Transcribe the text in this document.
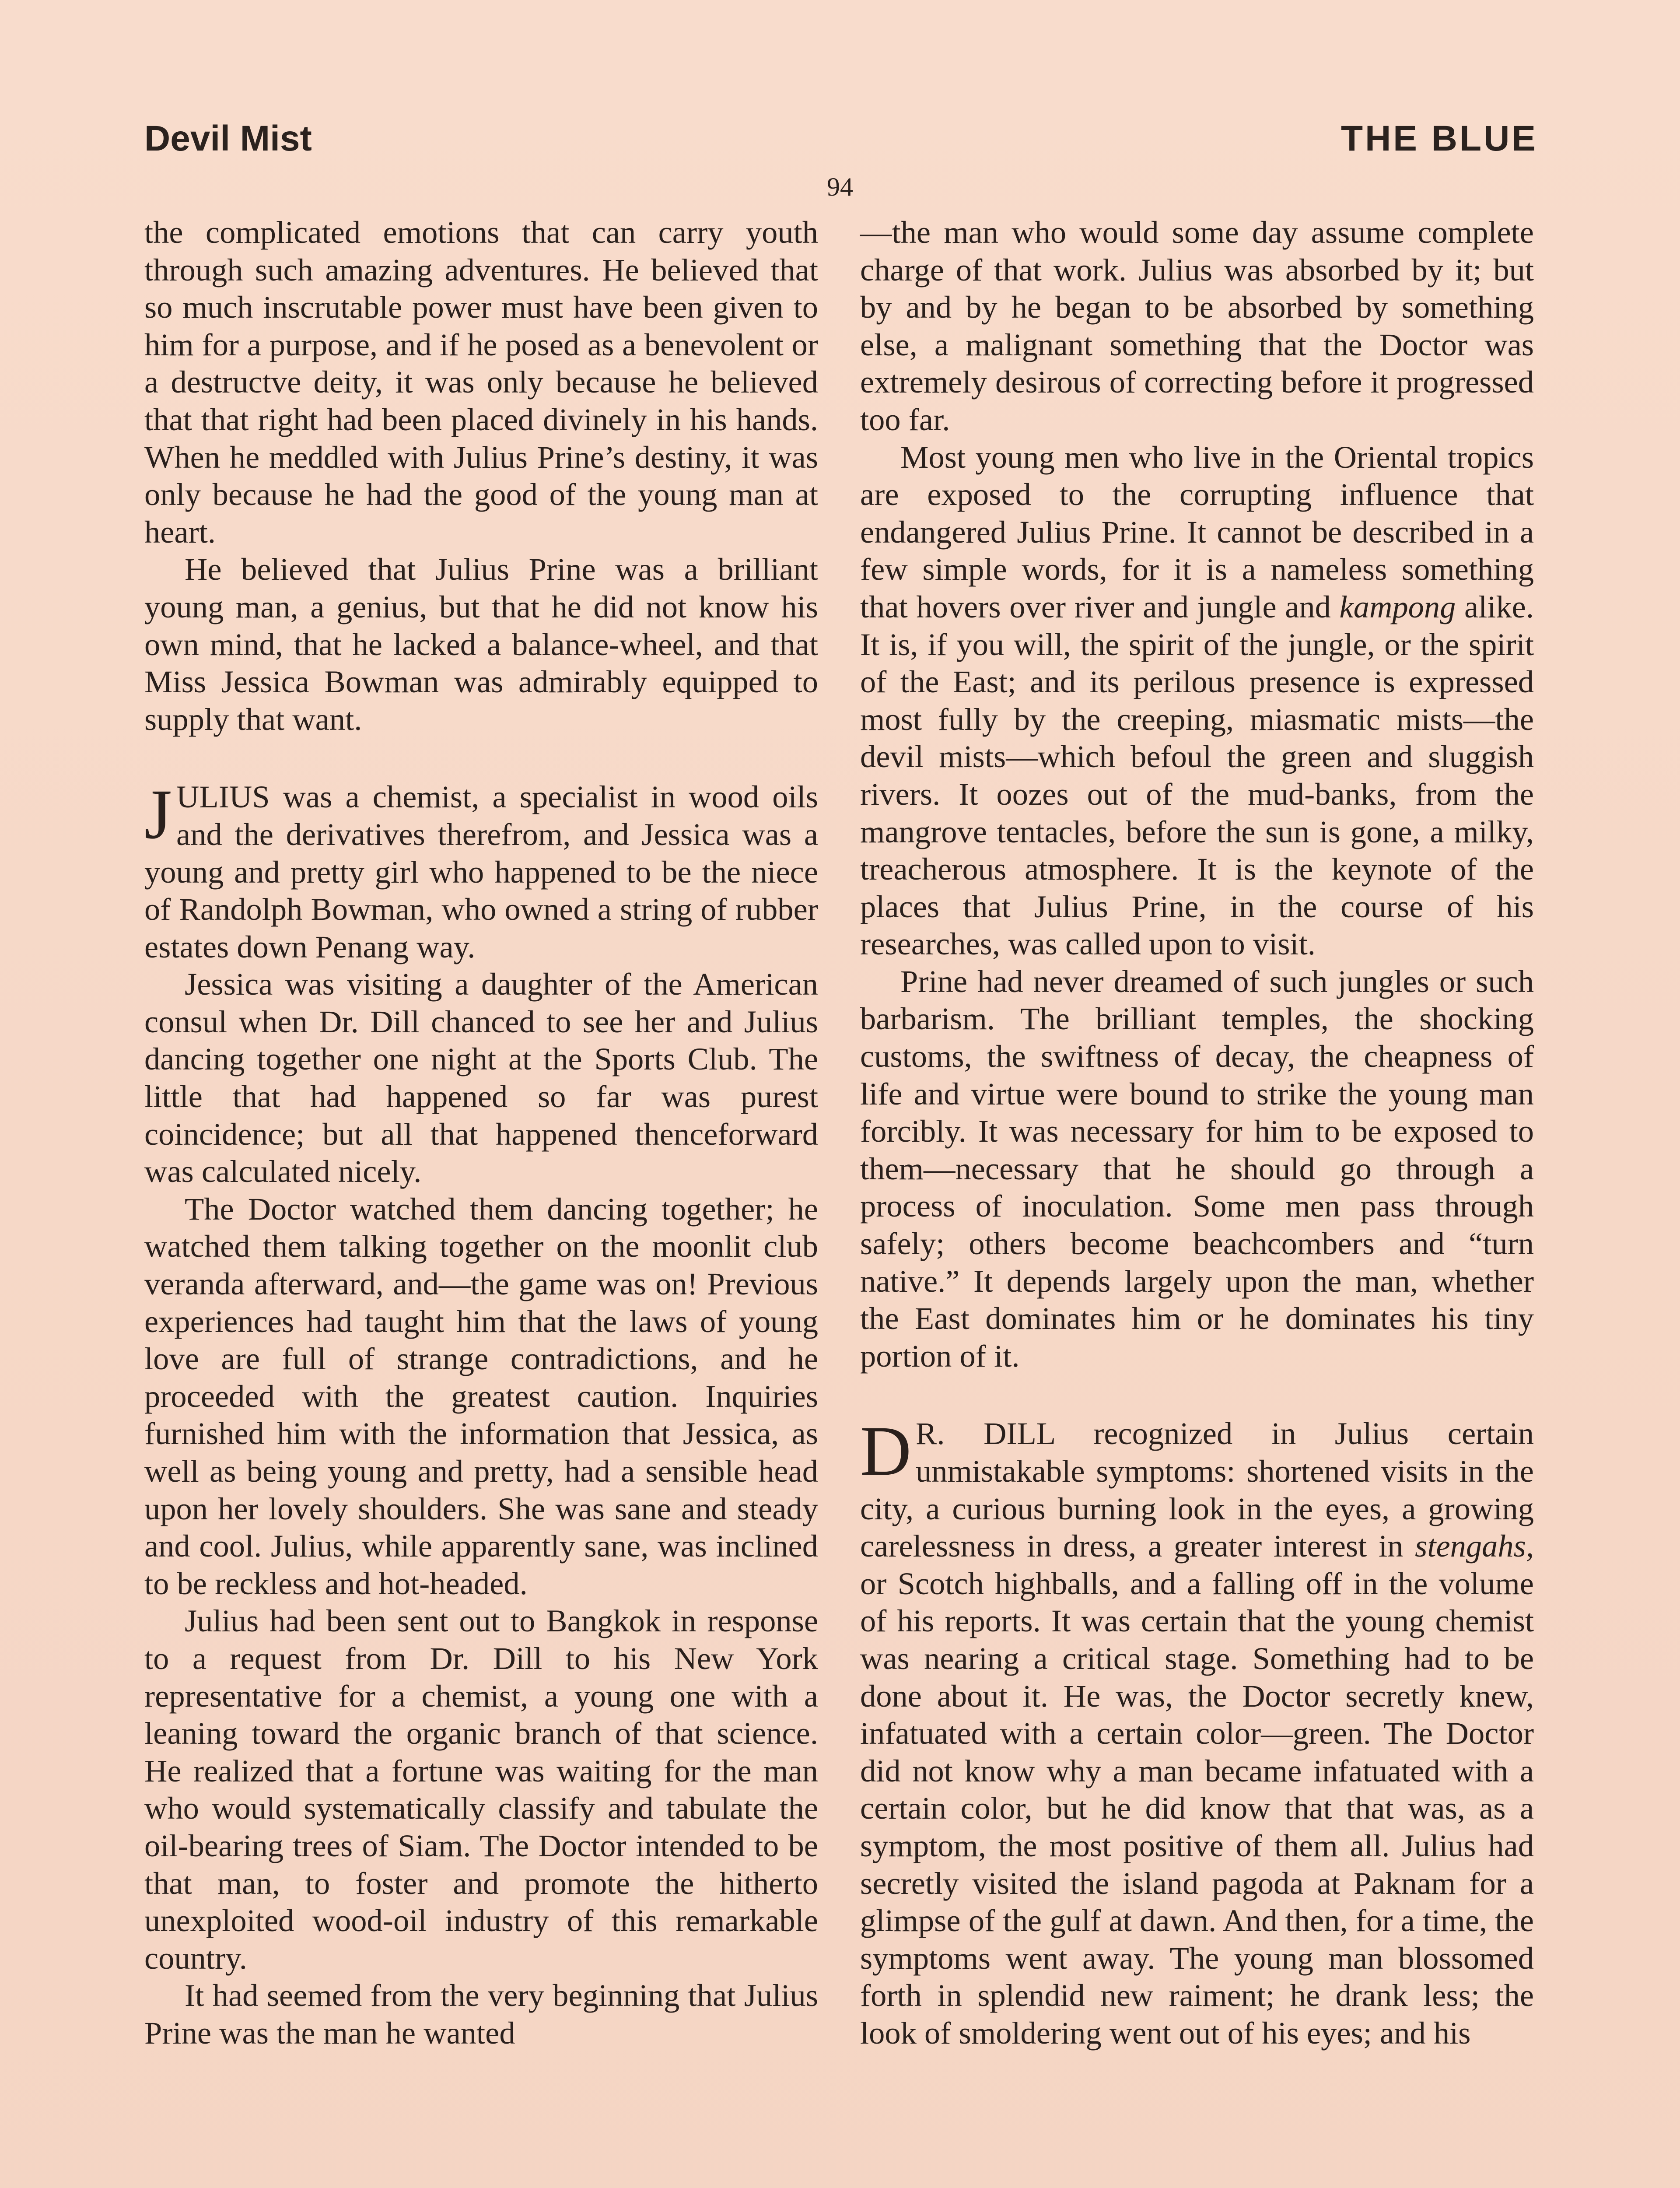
Devil Mist	THE BLUE
94

the complicated emotions that can carry youth through such amazing adventures. He believed that so much inscrutable power must have been given to him for a purpose, and if he posed as a benevolent or a destructve deity, it was only because he believed that that right had been placed divinely in his hands. When he meddled with Julius Prine’s destiny, it was only because he had the good of the young man at heart.

He believed that Julius Prine was a brilliant young man, a genius, but that he did not know his own mind, that he lacked a balance-wheel, and that Miss Jessica Bowman was admirably equipped to supply that want.

JULIUS was a chemist, a specialist in wood oils and the derivatives therefrom, and Jessica was a young and pretty girl who happened to be the niece of Randolph Bowman, who owned a string of rubber estates down Penang way.

Jessica was visiting a daughter of the American consul when Dr. Dill chanced to see her and Julius dancing together one night at the Sports Club. The little that had happened so far was purest coincidence; but all that happened thenceforward was calculated nicely.

The Doctor watched them dancing together; he watched them talking together on the moonlit club veranda afterward, and—the game was on! Previous experiences had taught him that the laws of young love are full of strange contradictions, and he proceeded with the greatest caution. Inquiries furnished him with the information that Jessica, as well as being young and pretty, had a sensible head upon her lovely shoulders. She was sane and steady and cool. Julius, while apparently sane, was inclined to be reckless and hot-headed.

Julius had been sent out to Bangkok in response to a request from Dr. Dill to his New York representative for a chemist, a young one with a leaning toward the organic branch of that science. He realized that a fortune was waiting for the man who would systematically classify and tabulate the oil-bearing trees of Siam. The Doctor intended to be that man, to foster and promote the hitherto unexploited wood-oil industry of this remarkable country.

It had seemed from the very beginning that Julius Prine was the man he wanted

—the man who would some day assume complete charge of that work. Julius was absorbed by it; but by and by he began to be absorbed by something else, a malignant something that the Doctor was extremely desirous of correcting before it progressed too far.

Most young men who live in the Oriental tropics are exposed to the corrupting influence that endangered Julius Prine. It cannot be described in a few simple words, for it is a nameless something that hovers over river and jungle and kampong alike. It is, if you will, the spirit of the jungle, or the spirit of the East; and its perilous presence is expressed most fully by the creeping, miasmatic mists—the devil mists—which befoul the green and sluggish rivers. It oozes out of the mud-banks, from the mangrove tentacles, before the sun is gone, a milky, treacherous atmosphere. It is the keynote of the places that Julius Prine, in the course of his researches, was called upon to visit.

Prine had never dreamed of such jungles or such barbarism. The brilliant temples, the shocking customs, the swiftness of decay, the cheapness of life and virtue were bound to strike the young man forcibly. It was necessary for him to be exposed to them—necessary that he should go through a process of inoculation. Some men pass through safely; others become beachcombers and “turn native.” It depends largely upon the man, whether the East dominates him or he dominates his tiny portion of it.

D R. DILL recognized in Julius certain unmistakable symptoms: shortened visits in the city, a curious burning look in the eyes, a growing carelessness in dress, a greater interest in stengahs, or Scotch highballs, and a falling off in the volume of his reports. It was certain that the young chemist was nearing a critical stage. Something had to be done about it. He was, the Doctor secretly knew, infatuated with a certain color—green. The Doctor did not know why a man became infatuated with a certain color, but he did know that that was, as a symptom, the most positive of them all. Julius had secretly visited the island pagoda at Paknam for a glimpse of the gulf at dawn. And then, for a time, the symptoms went away. The young man blossomed forth in splendid new raiment; he drank less; the look of smoldering went out of his eyes; and his
